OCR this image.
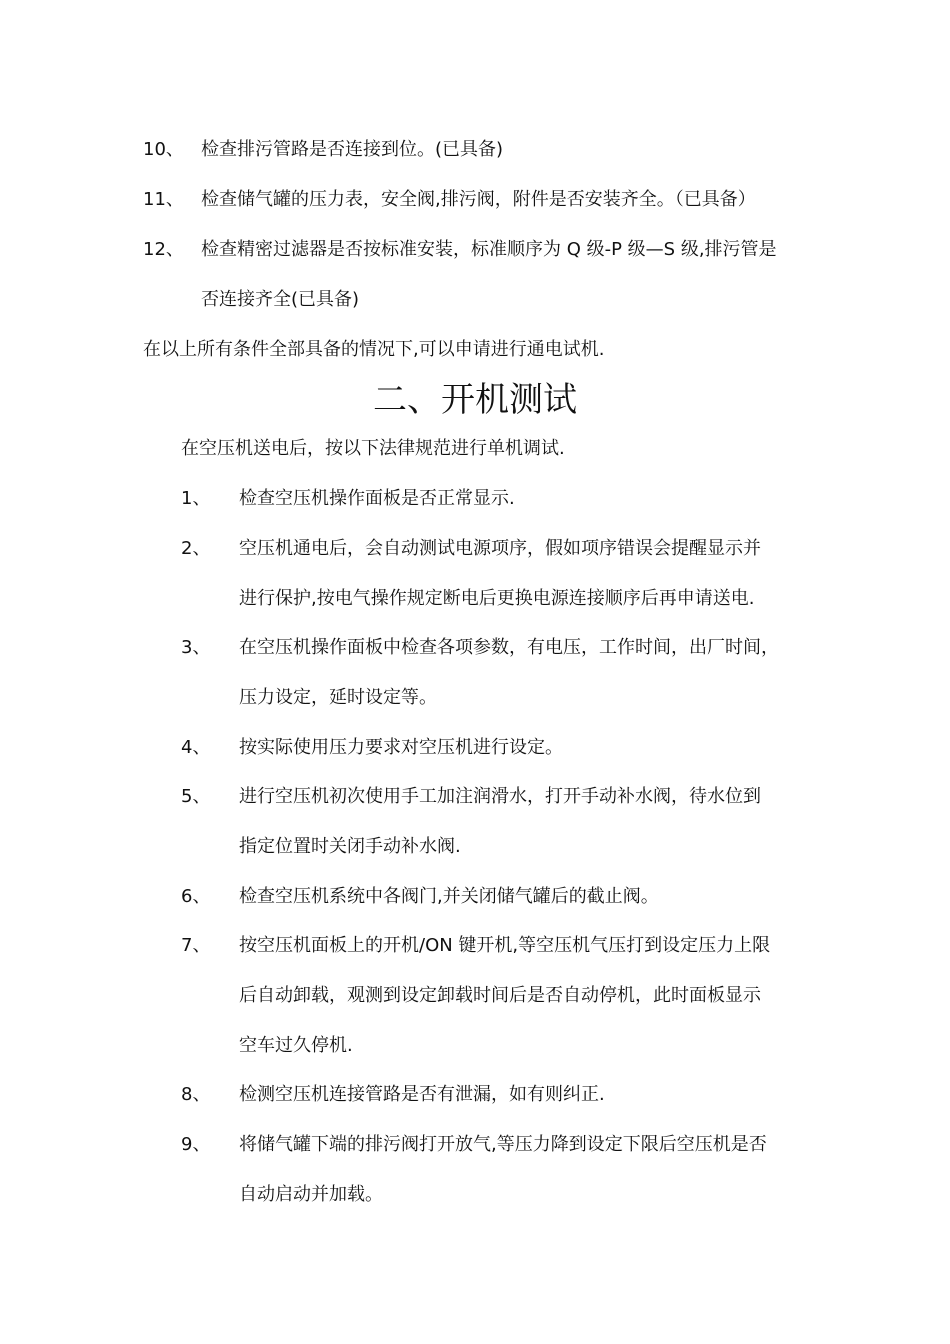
10、 检查排污管路是否连接到位。(已具备)
11、 检查储气罐的压力表，安全阀,排污阀，附件是否安装齐全。（已具备）
12、 检查精密过滤器是否按标准安装，标准顺序为 Q 级-P 级—S 级,排污管是
否连接齐全(已具备)
在以上所有条件全部具备的情况下,可以申请进行通电试机.
二、开机测试
在空压机送电后，按以下法律规范进行单机调试.
1、 检查空压机操作面板是否正常显示.
2、 空压机通电后，会自动测试电源项序，假如项序错误会提醒显示并
进行保护,按电气操作规定断电后更换电源连接顺序后再申请送电.
3、 在空压机操作面板中检查各项参数，有电压，工作时间，出厂时间，
压力设定，延时设定等。
4、 按实际使用压力要求对空压机进行设定。
5、 进行空压机初次使用手工加注润滑水，打开手动补水阀，待水位到
指定位置时关闭手动补水阀.
6、 检查空压机系统中各阀门,并关闭储气罐后的截止阀。
7、 按空压机面板上的开机/ON 键开机,等空压机气压打到设定压力上限
后自动卸载，观测到设定卸载时间后是否自动停机，此时面板显示
空车过久停机.
8、 检测空压机连接管路是否有泄漏，如有则纠正.
9、 将储气罐下端的排污阀打开放气,等压力降到设定下限后空压机是否
自动启动并加载。
